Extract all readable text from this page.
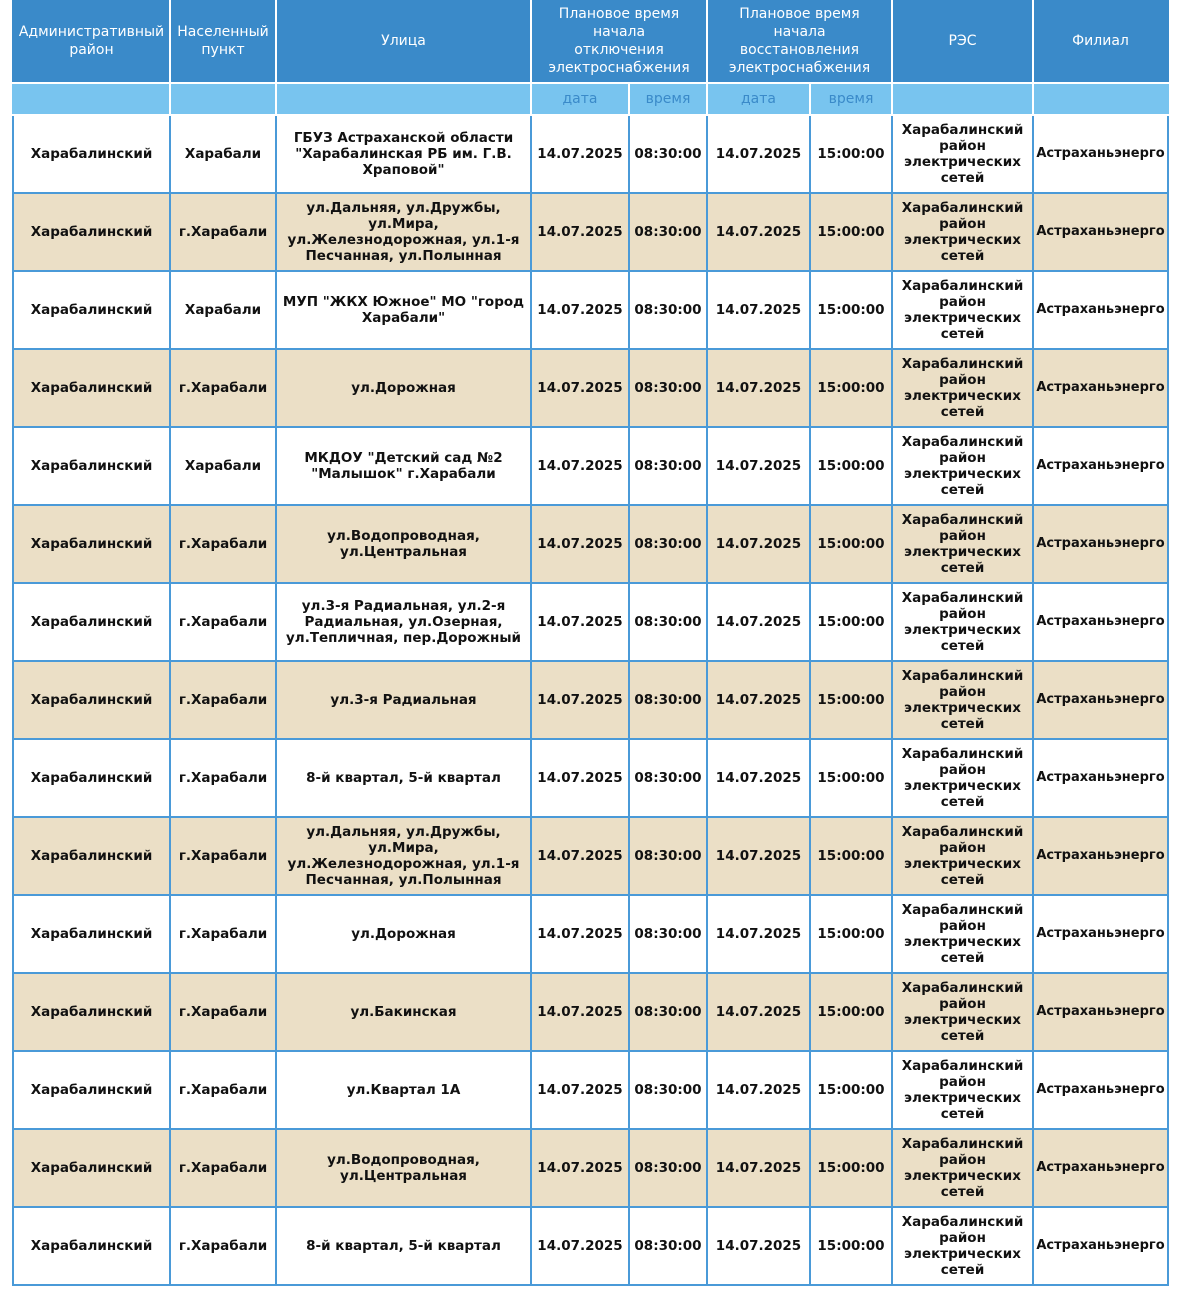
Административный район	Населенный пункт	Улица	Плановое время начала отключения электроснабжения		Плановое время начала восстановления электроснабжения		РЭС	Филиал
			дата	время	дата	время		
Харабалинский	Харабали	ГБУЗ Астраханской области "Харабалинская РБ им. Г.В. Храповой"	14.07.2025	08:30:00	14.07.2025	15:00:00	Харабалинский район электрических сетей	Астраханьэнерго
Харабалинский	г.Харабали	ул.Дальняя, ул.Дружбы, ул.Мира, ул.Железнодорожная, ул.1-я Песчанная, ул.Полынная	14.07.2025	08:30:00	14.07.2025	15:00:00	Харабалинский район электрических сетей	Астраханьэнерго
Харабалинский	Харабали	МУП "ЖКХ Южное" МО "город Харабали"	14.07.2025	08:30:00	14.07.2025	15:00:00	Харабалинский район электрических сетей	Астраханьэнерго
Харабалинский	г.Харабали	ул.Дорожная	14.07.2025	08:30:00	14.07.2025	15:00:00	Харабалинский район электрических сетей	Астраханьэнерго
Харабалинский	Харабали	МКДОУ "Детский сад №2 "Малышок" г.Харабали	14.07.2025	08:30:00	14.07.2025	15:00:00	Харабалинский район электрических сетей	Астраханьэнерго
Харабалинский	г.Харабали	ул.Водопроводная, ул.Центральная	14.07.2025	08:30:00	14.07.2025	15:00:00	Харабалинский район электрических сетей	Астраханьэнерго
Харабалинский	г.Харабали	ул.3-я Радиальная, ул.2-я Радиальная, ул.Озерная, ул.Тепличная, пер.Дорожный	14.07.2025	08:30:00	14.07.2025	15:00:00	Харабалинский район электрических сетей	Астраханьэнерго
Харабалинский	г.Харабали	ул.3-я Радиальная	14.07.2025	08:30:00	14.07.2025	15:00:00	Харабалинский район электрических сетей	Астраханьэнерго
Харабалинский	г.Харабали	8-й квартал, 5-й квартал	14.07.2025	08:30:00	14.07.2025	15:00:00	Харабалинский район электрических сетей	Астраханьэнерго
Харабалинский	г.Харабали	ул.Дальняя, ул.Дружбы, ул.Мира, ул.Железнодорожная, ул.1-я Песчанная, ул.Полынная	14.07.2025	08:30:00	14.07.2025	15:00:00	Харабалинский район электрических сетей	Астраханьэнерго
Харабалинский	г.Харабали	ул.Дорожная	14.07.2025	08:30:00	14.07.2025	15:00:00	Харабалинский район электрических сетей	Астраханьэнерго
Харабалинский	г.Харабали	ул.Бакинская	14.07.2025	08:30:00	14.07.2025	15:00:00	Харабалинский район электрических сетей	Астраханьэнерго
Харабалинский	г.Харабали	ул.Квартал 1А	14.07.2025	08:30:00	14.07.2025	15:00:00	Харабалинский район электрических сетей	Астраханьэнерго
Харабалинский	г.Харабали	ул.Водопроводная, ул.Центральная	14.07.2025	08:30:00	14.07.2025	15:00:00	Харабалинский район электрических сетей	Астраханьэнерго
Харабалинский	г.Харабали	8-й квартал, 5-й квартал	14.07.2025	08:30:00	14.07.2025	15:00:00	Харабалинский район электрических сетей	Астраханьэнерго
